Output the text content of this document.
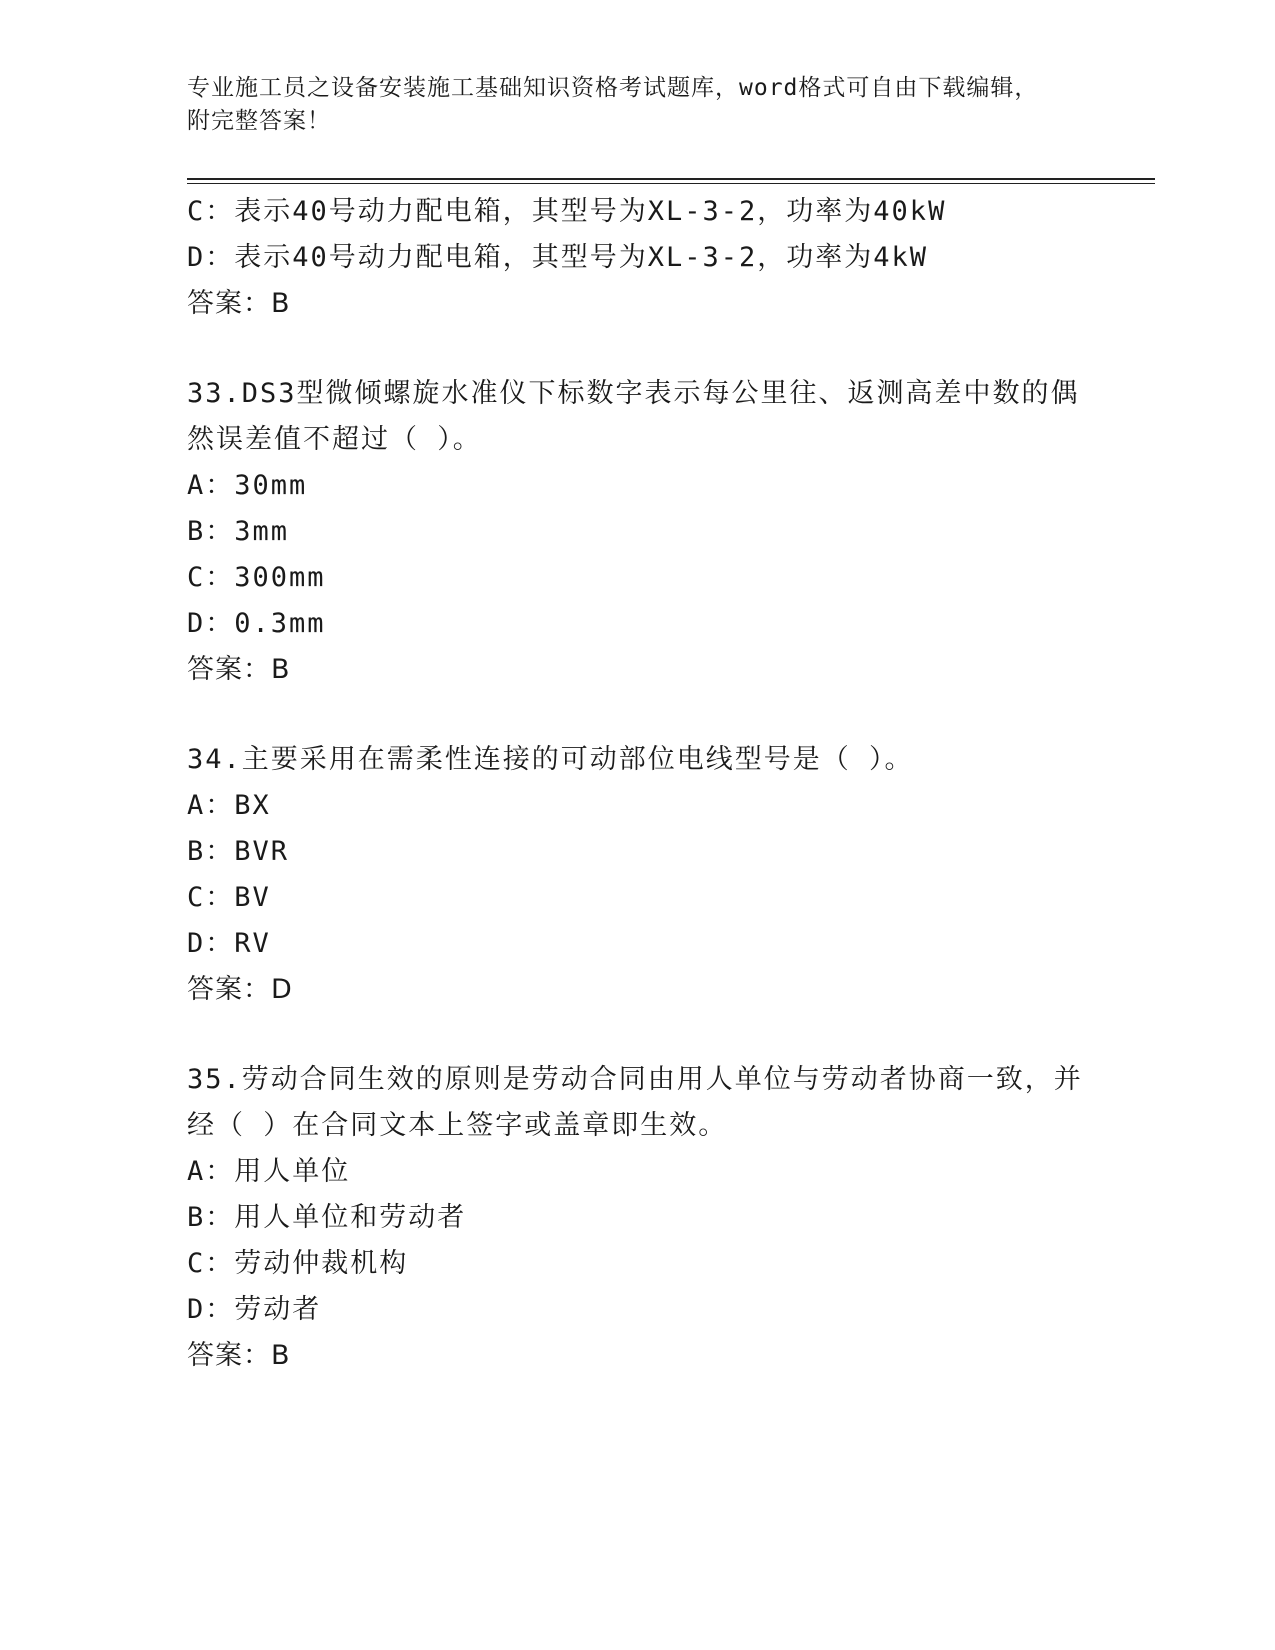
专业施工员之设备安装施工基础知识资格考试题库，word格式可自由下载编辑，
附完整答案！
C：表示40号动力配电箱，其型号为XL-3-2，功率为40kW
D：表示40号动力配电箱，其型号为XL-3-2，功率为4kW
答案：B
33.DS3型微倾螺旋水准仪下标数字表示每公里往、返测高差中数的偶
然误差值不超过（ ）。
A：30mm
B：3mm
C：300mm
D：0.3mm
答案：B
34.主要采用在需柔性连接的可动部位电线型号是（ ）。
A：BX
B：BVR
C：BV
D：RV
答案：D
35.劳动合同生效的原则是劳动合同由用人单位与劳动者协商一致，并
经（ ）在合同文本上签字或盖章即生效。
A：用人单位
B：用人单位和劳动者
C：劳动仲裁机构
D：劳动者
答案：B
